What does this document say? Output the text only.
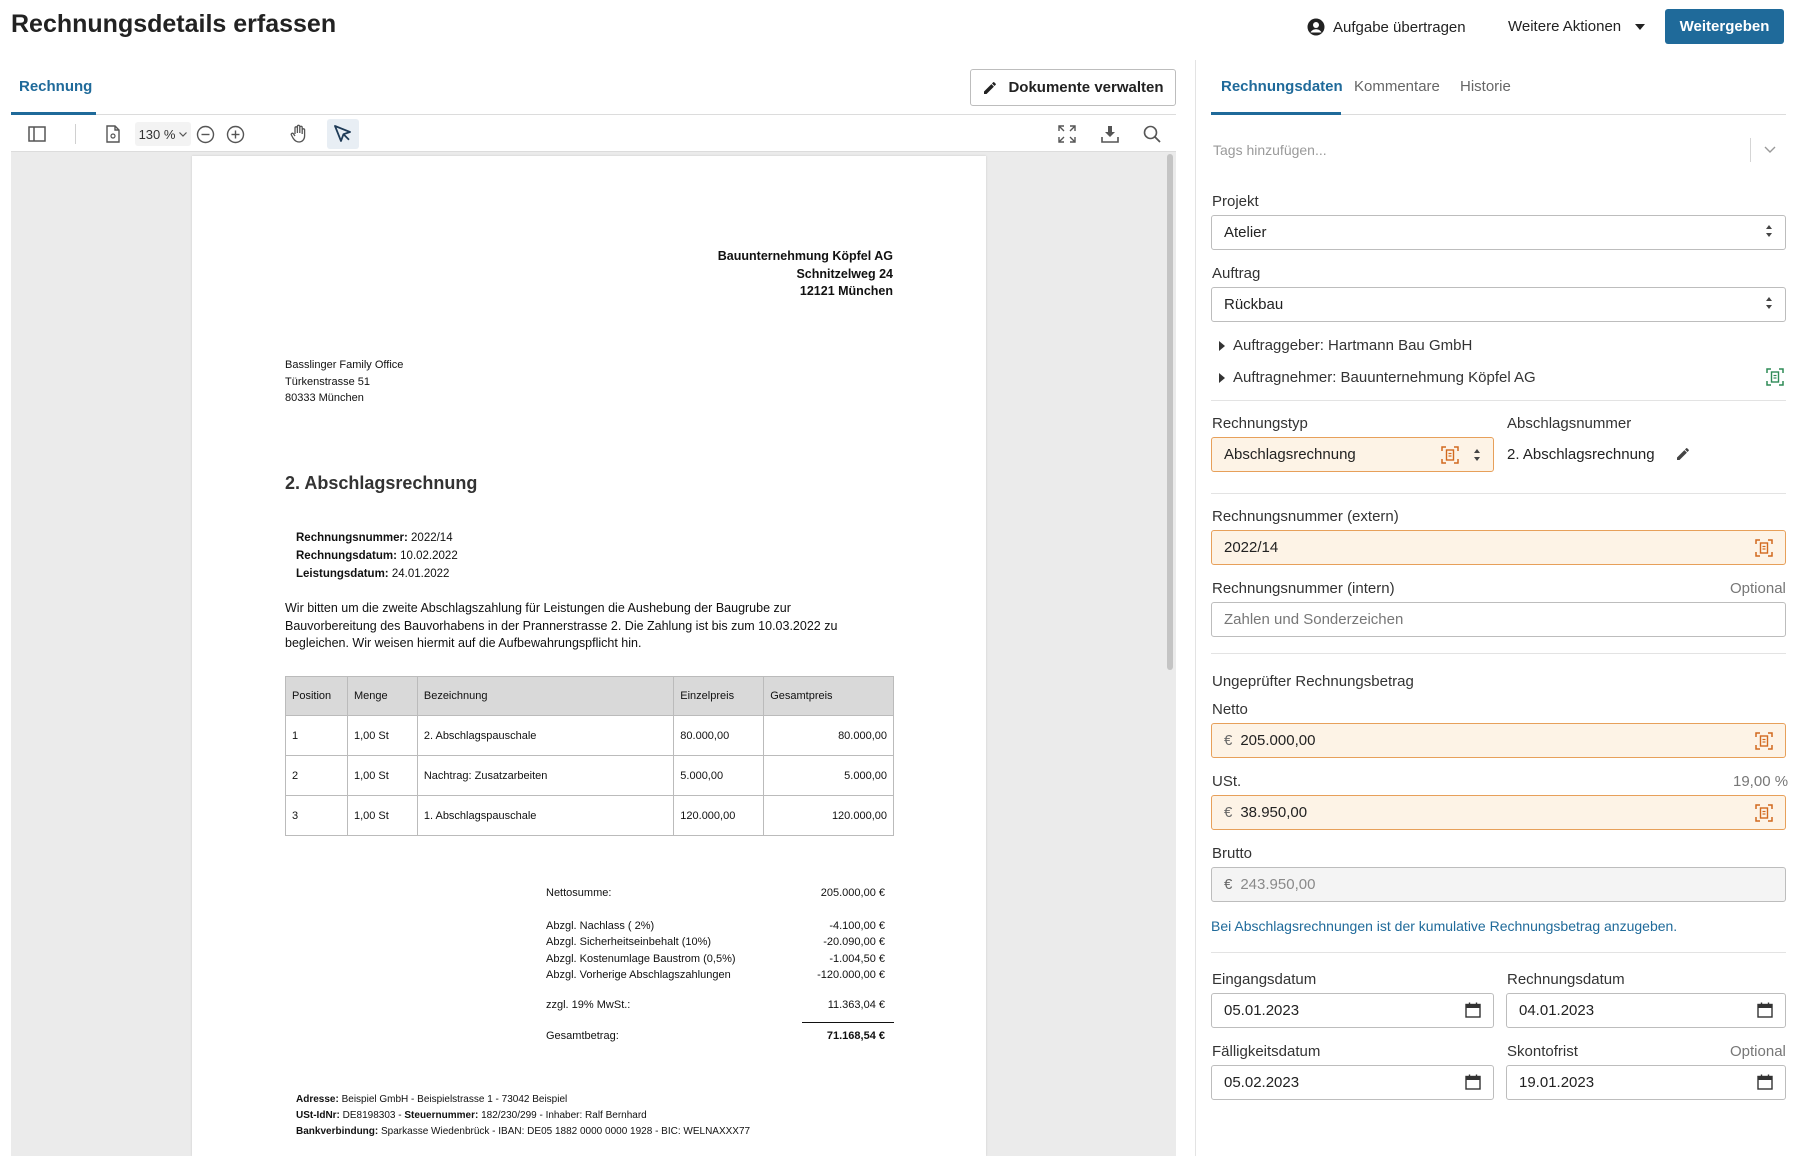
Rechnungsdetails erfassen	Aufgabe übertragen	Weitere Aktionen	Weitergeben
Rechnung	Dokumente verwalten
130 %
Bauunternehmung Köpfel AG
Schnitzelweg 24
12121 München
Basslinger Family Office
Türkenstrasse 51
80333 München
2. Abschlagsrechnung
Rechnungsnummer: 2022/14
Rechnungsdatum: 10.02.2022
Leistungsdatum: 24.01.2022
Wir bitten um die zweite Abschlagszahlung für Leistungen die Aushebung der Baugrube zur
Bauvorbereitung des Bauvorhabens in der Prannerstrasse 2. Die Zahlung ist bis zum 10.03.2022 zu
begleichen. Wir weisen hiermit auf die Aufbewahrungspflicht hin.
Position	Menge	Bezeichnung	Einzelpreis	Gesamtpreis
1	1,00 St	2. Abschlagspauschale	80.000,00	80.000,00
2	1,00 St	Nachtrag: Zusatzarbeiten	5.000,00	5.000,00
3	1,00 St	1. Abschlagspauschale	120.000,00	120.000,00
Nettosumme:	205.000,00 €
Abzgl. Nachlass ( 2%)	-4.100,00 €
Abzgl. Sicherheitseinbehalt (10%)	-20.090,00 €
Abzgl. Kostenumlage Baustrom (0,5%)	-1.004,50 €
Abzgl. Vorherige Abschlagszahlungen	-120.000,00 €
zzgl. 19% MwSt.:	11.363,04 €
Gesamtbetrag:	71.168,54 €
Adresse: Beispiel GmbH - Beispielstrasse 1 - 73042 Beispiel
USt-IdNr: DE8198303 - Steuernummer: 182/230/299 - Inhaber: Ralf Bernhard
Bankverbindung: Sparkasse Wiedenbrück - IBAN: DE05 1882 0000 0000 1928 - BIC: WELNAXXX77
Rechnungsdaten Kommentare Historie
Tags hinzufügen...
Projekt
Atelier
Auftrag
Rückbau
Auftraggeber: Hartmann Bau GmbH
Auftragnehmer: Bauunternehmung Köpfel AG
Rechnungstyp
Abschlagsrechnung
Abschlagsnummer
2. Abschlagsrechnung
Rechnungsnummer (extern)
2022/14
Rechnungsnummer (intern)	Optional
Zahlen und Sonderzeichen
Ungeprüfter Rechnungsbetrag
Netto
€ 205.000,00
USt.	19,00 %
€ 38.950,00
Brutto
€ 243.950,00
Bei Abschlagsrechnungen ist der kumulative Rechnungsbetrag anzugeben.
Eingangsdatum
05.01.2023
Rechnungsdatum
04.01.2023
Fälligkeitsdatum
05.02.2023
Skontofrist	Optional
19.01.2023
